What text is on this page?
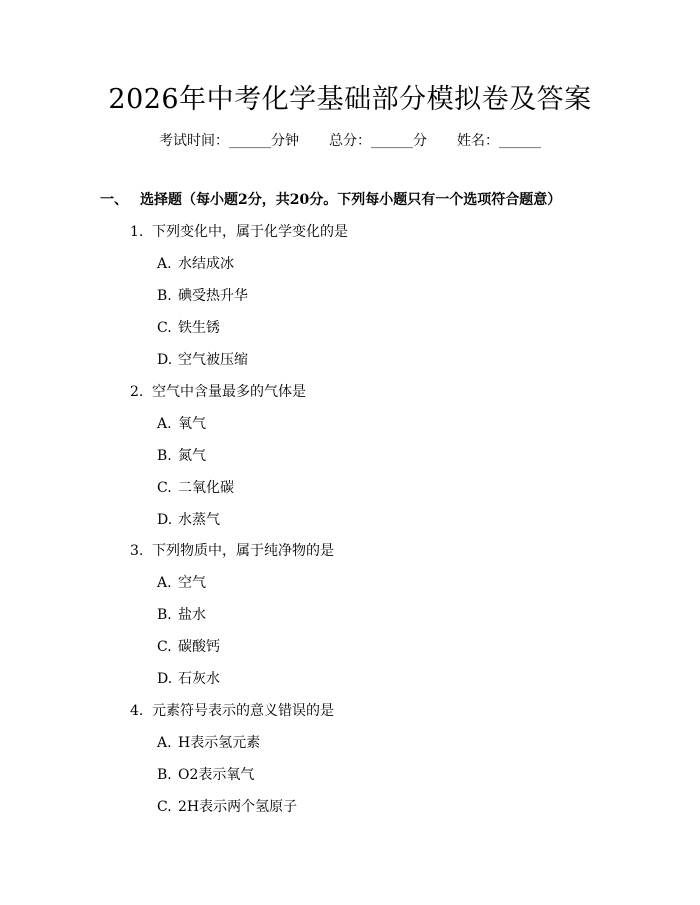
2026年中考化学基础部分模拟卷及答案
考试时间：______分钟 总分：______分 姓名：______
一、 选择题（每小题2分，共20分。下列每小题只有一个选项符合题意）
1. 下列变化中，属于化学变化的是
A. 水结成冰
B. 碘受热升华
C. 铁生锈
D. 空气被压缩
2. 空气中含量最多的气体是
A. 氧气
B. 氮气
C. 二氧化碳
D. 水蒸气
3. 下列物质中，属于纯净物的是
A. 空气
B. 盐水
C. 碳酸钙
D. 石灰水
4. 元素符号表示的意义错误的是
A. H表示氢元素
B. O2表示氧气
C. 2H表示两个氢原子
